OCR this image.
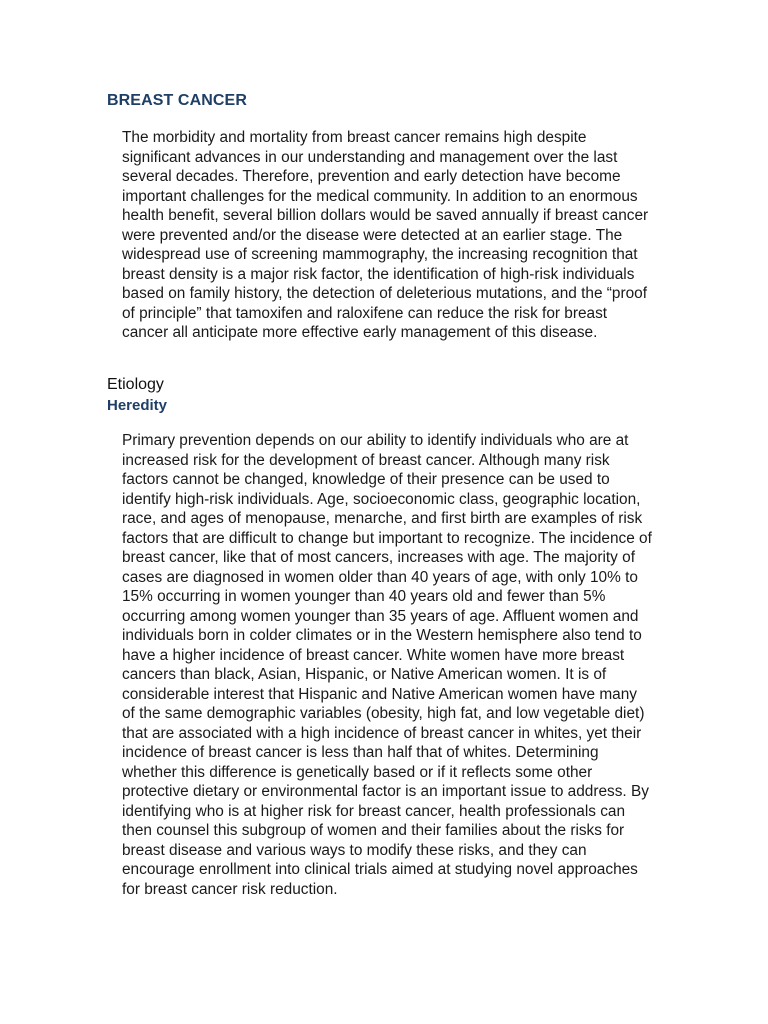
BREAST CANCER

The morbidity and mortality from breast cancer remains high despite significant advances in our understanding and management over the last several decades. Therefore, prevention and early detection have become important challenges for the medical community. In addition to an enormous health benefit, several billion dollars would be saved annually if breast cancer were prevented and/or the disease were detected at an earlier stage. The widespread use of screening mammography, the increasing recognition that breast density is a major risk factor, the identification of high-risk individuals based on family history, the detection of deleterious mutations, and the “proof of principle” that tamoxifen and raloxifene can reduce the risk for breast cancer all anticipate more effective early management of this disease.

Etiology
Heredity

Primary prevention depends on our ability to identify individuals who are at increased risk for the development of breast cancer. Although many risk factors cannot be changed, knowledge of their presence can be used to identify high-risk individuals. Age, socioeconomic class, geographic location, race, and ages of menopause, menarche, and first birth are examples of risk factors that are difficult to change but important to recognize. The incidence of breast cancer, like that of most cancers, increases with age. The majority of cases are diagnosed in women older than 40 years of age, with only 10% to 15% occurring in women younger than 40 years old and fewer than 5% occurring among women younger than 35 years of age. Affluent women and individuals born in colder climates or in the Western hemisphere also tend to have a higher incidence of breast cancer. White women have more breast cancers than black, Asian, Hispanic, or Native American women. It is of considerable interest that Hispanic and Native American women have many of the same demographic variables (obesity, high fat, and low vegetable diet) that are associated with a high incidence of breast cancer in whites, yet their incidence of breast cancer is less than half that of whites. Determining whether this difference is genetically based or if it reflects some other protective dietary or environmental factor is an important issue to address. By identifying who is at higher risk for breast cancer, health professionals can then counsel this subgroup of women and their families about the risks for breast disease and various ways to modify these risks, and they can encourage enrollment into clinical trials aimed at studying novel approaches for breast cancer risk reduction.
